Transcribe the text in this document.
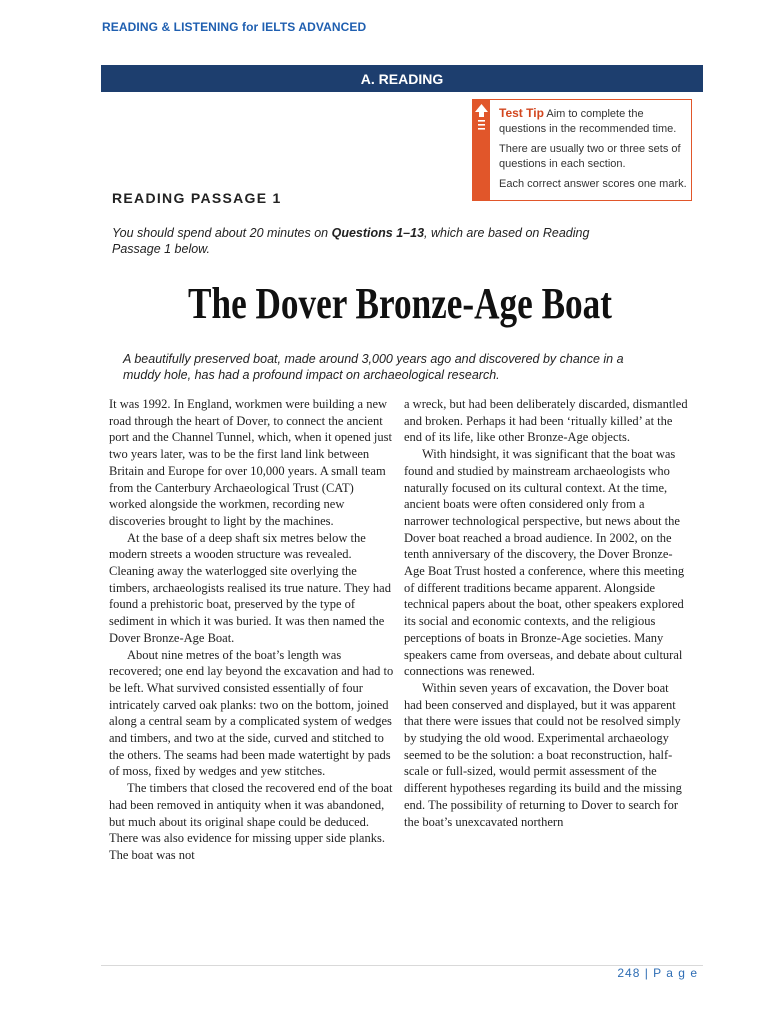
READING & LISTENING for IELTS ADVANCED
A. READING

Test Tip Aim to complete the questions in the recommended time.

There are usually two or three sets of questions in each section.

Each correct answer scores one mark.

READING PASSAGE 1

You should spend about 20 minutes on Questions 1–13, which are based on Reading Passage 1 below.

The Dover Bronze-Age Boat

A beautifully preserved boat, made around 3,000 years ago and discovered by chance in a muddy hole, has had a profound impact on archaeological research.

It was 1992. In England, workmen were building a new road through the heart of Dover, to connect the ancient port and the Channel Tunnel, which, when it opened just two years later, was to be the first land link between Britain and Europe for over 10,000 years. A small team from the Canterbury Archaeological Trust (CAT) worked alongside the workmen, recording new discoveries brought to light by the machines.

At the base of a deep shaft six metres below the modern streets a wooden structure was revealed. Cleaning away the waterlogged site overlying the timbers, archaeologists realised its true nature. They had found a prehistoric boat, preserved by the type of sediment in which it was buried. It was then named the Dover Bronze-Age Boat.

About nine metres of the boat’s length was recovered; one end lay beyond the excavation and had to be left. What survived consisted essentially of four intricately carved oak planks: two on the bottom, joined along a central seam by a complicated system of wedges and timbers, and two at the side, curved and stitched to the others. The seams had been made watertight by pads of moss, fixed by wedges and yew stitches.

The timbers that closed the recovered end of the boat had been removed in antiquity when it was abandoned, but much about its original shape could be deduced. There was also evidence for missing upper side planks. The boat was not

a wreck, but had been deliberately discarded, dismantled and broken. Perhaps it had been ‘ritually killed’ at the end of its life, like other Bronze-Age objects.

With hindsight, it was significant that the boat was found and studied by mainstream archaeologists who naturally focused on its cultural context. At the time, ancient boats were often considered only from a narrower technological perspective, but news about the Dover boat reached a broad audience. In 2002, on the tenth anniversary of the discovery, the Dover Bronze-Age Boat Trust hosted a conference, where this meeting of different traditions became apparent. Alongside technical papers about the boat, other speakers explored its social and economic contexts, and the religious perceptions of boats in Bronze-Age societies. Many speakers came from overseas, and debate about cultural connections was renewed.

Within seven years of excavation, the Dover boat had been conserved and displayed, but it was apparent that there were issues that could not be resolved simply by studying the old wood. Experimental archaeology seemed to be the solution: a boat reconstruction, half-scale or full-sized, would permit assessment of the different hypotheses regarding its build and the missing end. The possibility of returning to Dover to search for the boat’s unexcavated northern

248 | P a g e
